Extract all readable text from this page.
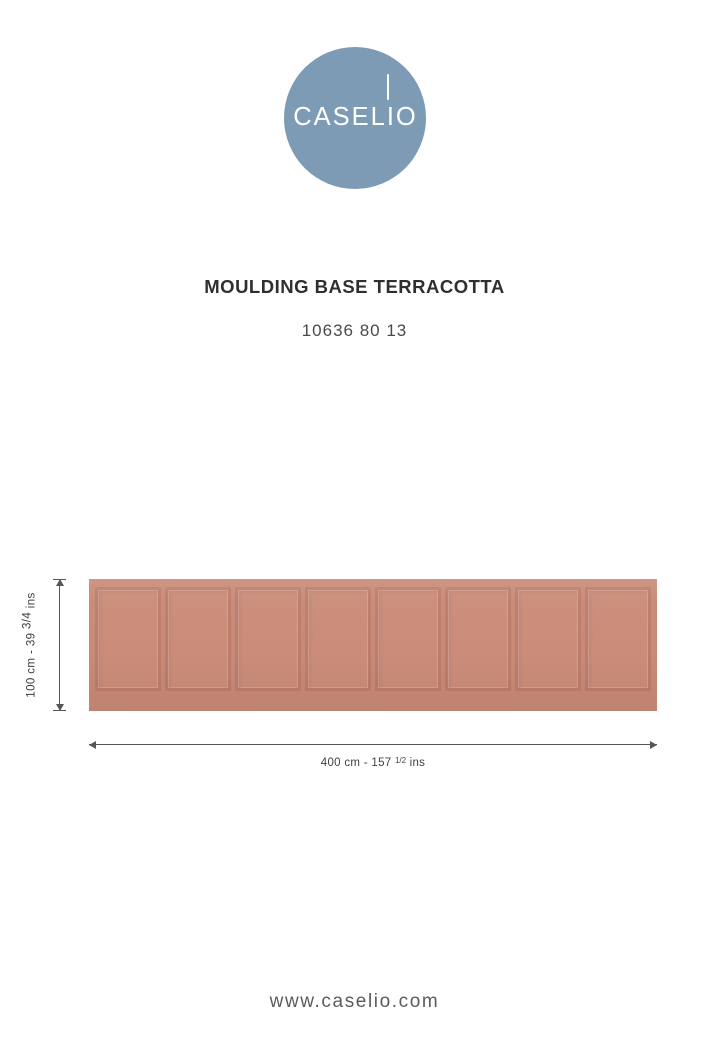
CASELIO
MOULDING BASE TERRACOTTA
10636 80 13
100 cm - 39 3/4 ins
400 cm - 157 $^{1/2}$ ins
www.caselio.com
